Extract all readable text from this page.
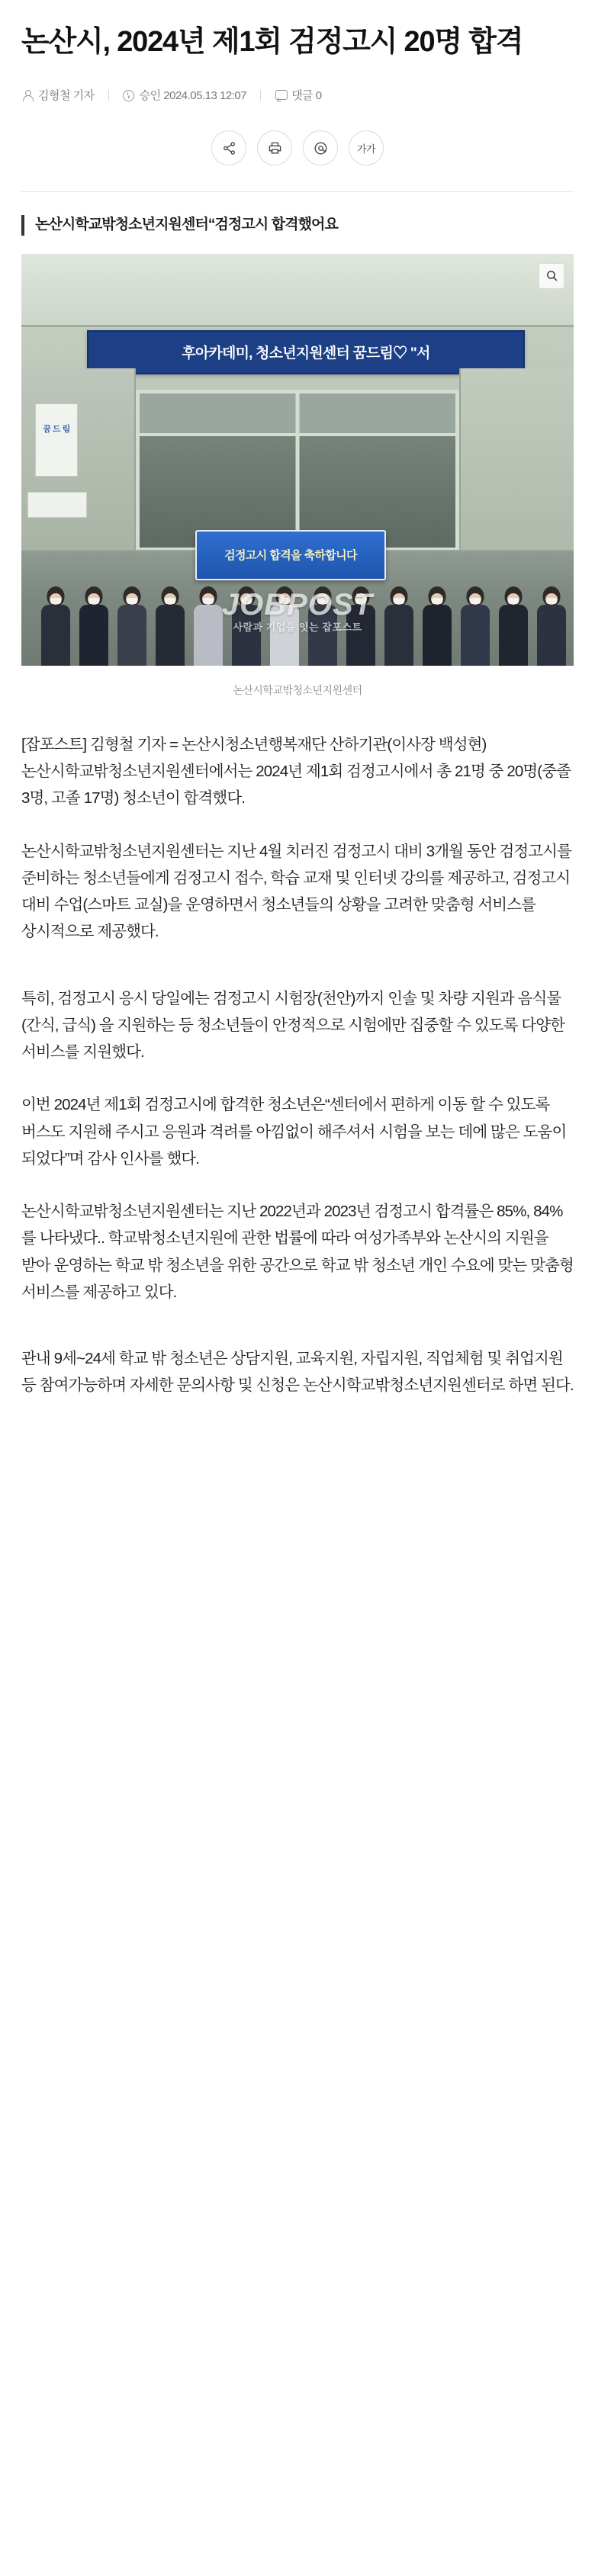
논산시, 2024년 제1회 검정고시 20명 합격
김형철 기자	승인 2024.05.13 12:07	댓글 0
가가
논산시학교밖청소년지원센터“검정고시 합격했어요
후아카데미, 청소년지원센터 꿈드림♡ "서
꿈 드 림
검정고시 합격을 축하합니다
JOBPOST
사람과 기업을 잇는 잡포스트
논산시학교밖청소년지원센터

[잡포스트] 김형철 기자 = 논산시청소년행복재단 산하기관(이사장 백성현) 논산시학교밖청소년지원센터에서는 2024년 제1회 검정고시에서 총 21명 중 20명(중졸 3명, 고졸 17명) 청소년이 합격했다.

논산시학교밖청소년지원센터는 지난 4월 치러진 검정고시 대비 3개월 동안 검정고시를 준비하는 청소년들에게 검정고시 접수, 학습 교재 및 인터넷 강의를 제공하고, 검정고시 대비 수업(스마트 교실)을 운영하면서 청소년들의 상황을 고려한 맞춤형 서비스를 상시적으로 제공했다.

특히, 검정고시 응시 당일에는 검정고시 시험장(천안)까지 인솔 및 차량 지원과 음식물(간식, 급식) 을 지원하는 등 청소년들이 안정적으로 시험에만 집중할 수 있도록 다양한 서비스를 지원했다.

이번 2024년 제1회 검정고시에 합격한 청소년은“센터에서 편하게 이동 할 수 있도록 버스도 지원해 주시고 응원과 격려를 아낌없이 해주셔서 시험을 보는 데에 많은 도움이 되었다”며 감사 인사를 했다.

논산시학교밖청소년지원센터는 지난 2022년과 2023년 검정고시 합격률은 85%, 84%를 나타냈다.. 학교밖청소년지원에 관한 법률에 따라 여성가족부와 논산시의 지원을 받아 운영하는 학교 밖 청소년을 위한 공간으로 학교 밖 청소년 개인 수요에 맞는 맞춤형 서비스를 제공하고 있다.

관내 9세~24세 학교 밖 청소년은 상담지원, 교육지원, 자립지원, 직업체험 및 취업지원 등 참여가능하며 자세한 문의사항 및 신청은 논산시학교밖청소년지원센터로 하면 된다.
